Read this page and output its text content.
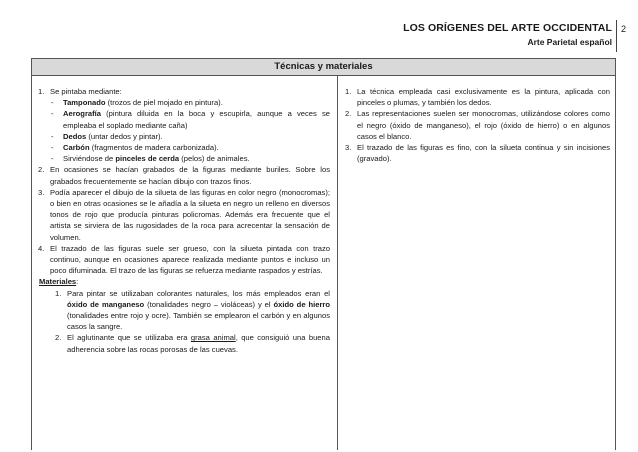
LOS ORÍGENES DEL ARTE OCCIDENTAL
Arte Parietal español
2
Técnicas y materiales
1. Se pintaba mediante:
-	Tamponado (trozos de piel mojado en pintura).
-	Aerografía (pintura diluida en la boca y escupirla, aunque a veces se empleaba el soplado mediante caña)
-	Dedos (untar dedos y pintar).
-	Carbón (fragmentos de madera carbonizada).
-	Sirviéndose de pinceles de cerda (pelos) de animales.
2. En ocasiones se hacían grabados de la figuras mediante buriles. Sobre los grabados frecuentemente se hacían dibujo con trazos finos.
3. Podía aparecer el dibujo de la silueta de las figuras en color negro (monocromas); o bien en otras ocasiones se le añadía a la silueta en negro un relleno en diversos tonos de rojo que producía pinturas policromas. Además era frecuente que el artista se sirviera de las rugosidades de la roca para acrecentar la sensación de volumen.
4. El trazado de las figuras suele ser grueso, con la silueta pintada con trazo continuo, aunque en ocasiones aparece realizada mediante puntos e incluso un poco difuminada. El trazo de las figuras se refuerza mediante raspados y estrías.
Materiales:
1. Para pintar se utilizaban colorantes naturales, los más empleados eran el óxido de manganeso (tonalidades negro – violáceas) y el óxido de hierro (tonalidades entre rojo y ocre). También se emplearon el carbón y en algunos casos la sangre.
2. El aglutinante que se utilizaba era grasa animal, que consiguió una buena adherencia sobre las rocas porosas de las cuevas.
1. La técnica empleada casi exclusivamente es la pintura, aplicada con pinceles o plumas, y también los dedos.
2. Las representaciones suelen ser monocromas, utilizándose colores como el negro (óxido de manganeso), el rojo (óxido de hierro) o en algunos casos el blanco.
3. El trazado de las figuras es fino, con la silueta continua y sin incisiones (gravado).
